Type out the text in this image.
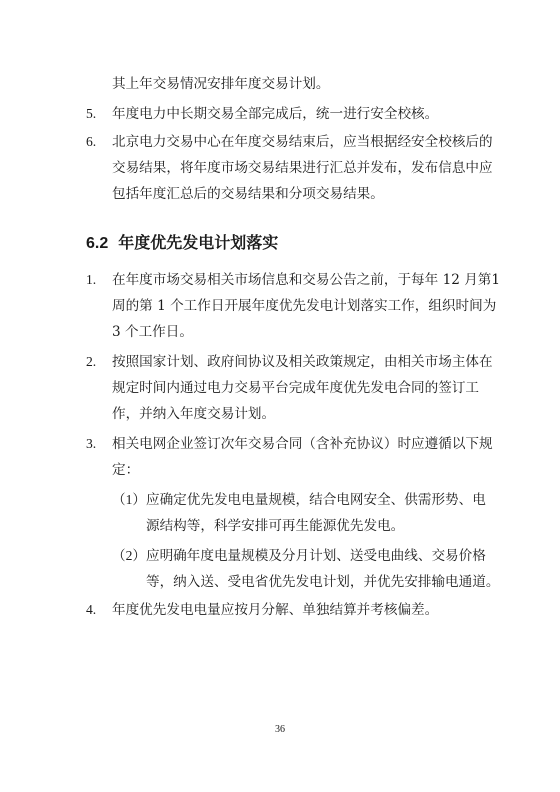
其上年交易情况安排年度交易计划。
5. 年度电力中长期交易全部完成后，统一进行安全校核。
6. 北京电力交易中心在年度交易结束后，应当根据经安全校核后的
交易结果，将年度市场交易结果进行汇总并发布，发布信息中应
包括年度汇总后的交易结果和分项交易结果。
6.2 年度优先发电计划落实
1. 在年度市场交易相关市场信息和交易公告之前，于每年 12 月第1
周的第 1 个工作日开展年度优先发电计划落实工作，组织时间为
3 个工作日。
2. 按照国家计划、政府间协议及相关政策规定，由相关市场主体在
规定时间内通过电力交易平台完成年度优先发电合同的签订工
作，并纳入年度交易计划。
3. 相关电网企业签订次年交易合同（含补充协议）时应遵循以下规
定：
（1） 应确定优先发电电量规模，结合电网安全、供需形势、电
源结构等，科学安排可再生能源优先发电。
（2） 应明确年度电量规模及分月计划、送受电曲线、交易价格
等，纳入送、受电省优先发电计划，并优先安排输电通道。
4. 年度优先发电电量应按月分解、单独结算并考核偏差。
36
